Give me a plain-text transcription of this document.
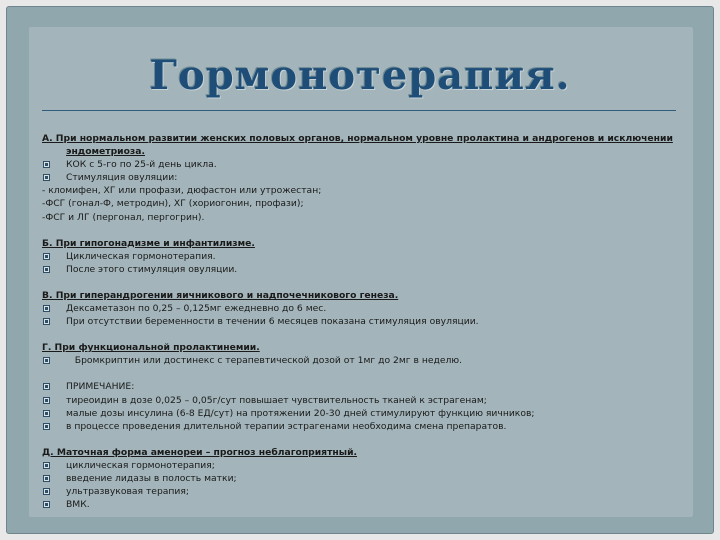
Гормонотерапия.
А. При нормальном развитии женских половых органов, нормальном уровне пролактина и андрогенов и исключении
эндометриоза.
КОК с 5-го по 25-й день цикла.
Стимуляция овуляции:
- кломифен, ХГ или профази, дюфастон или утрожестан;
-ФСГ (гонал-Ф, метродин), ХГ (хориогонин, профази);
-ФСГ и ЛГ (пергонал, пергогрин).
Б. При гипогонадизме и инфантилизме.
Циклическая гормонотерапия.
После этого стимуляция овуляции.
В. При гиперандрогении яичникового и надпочечникового генеза.
Дексаметазон по 0,25 – 0,125мг ежедневно до 6 мес.
При отсутствии беременности в течении 6 месяцев показана стимуляция овуляции.
Г. При функциональной пролактинемии.
Бромкриптин или достинекс с терапевтической дозой от 1мг до 2мг в неделю.
ПРИМЕЧАНИЕ:
тиреоидин в дозе 0,025 – 0,05г/сут повышает чувствительность тканей к эстрагенам;
малые дозы инсулина (6-8 ЕД/сут) на протяжении 20-30 дней стимулируют функцию яичников;
в процессе проведения длительной терапии эстрагенами необходима смена препаратов.
Д. Маточная форма аменореи – прогноз неблагоприятный.
циклическая гормонотерапия;
введение лидазы в полость матки;
ультразвуковая терапия;
ВМК.
